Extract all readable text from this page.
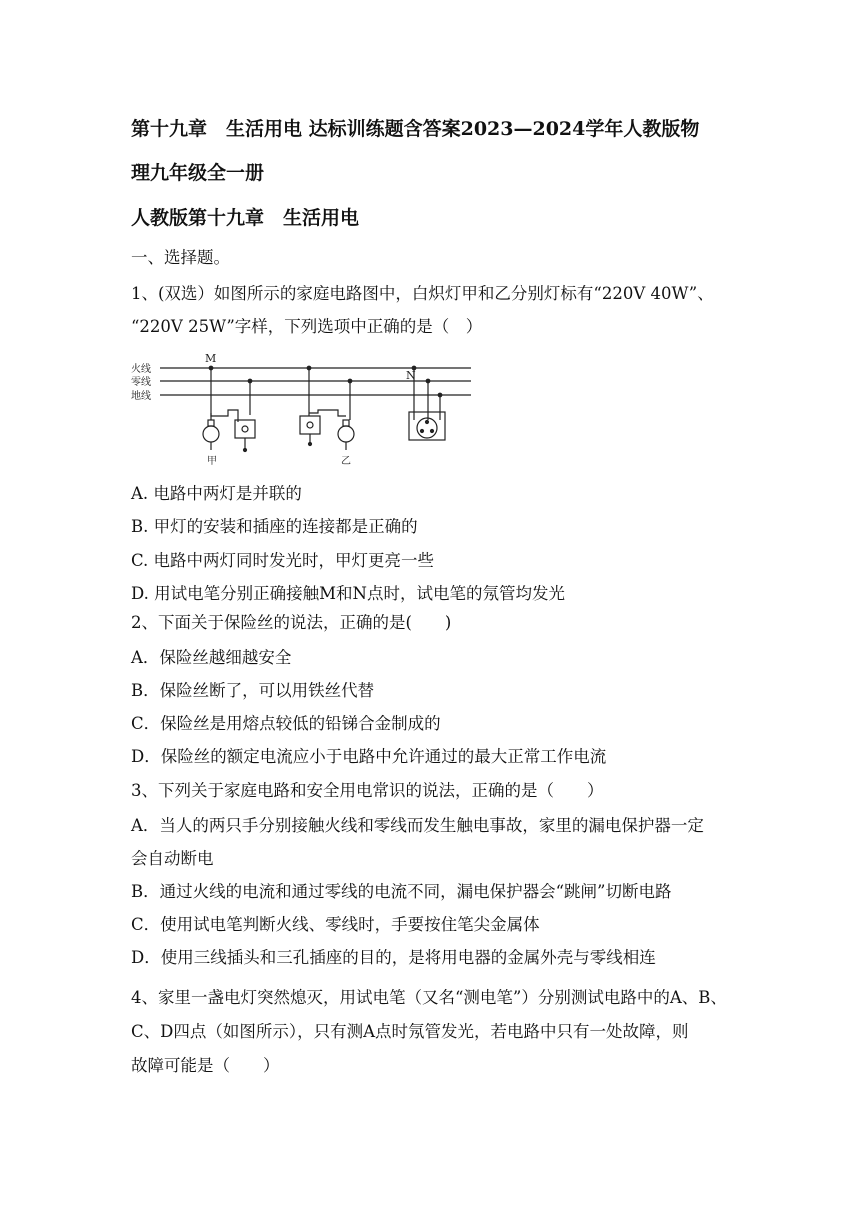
第十九章　生活用电 达标训练题含答案2023—2024学年人教版物
理九年级全一册
人教版第十九章　生活用电
一、选择题。
1、(双选）如图所示的家庭电路图中，白炽灯甲和乙分别灯标有“220V 40W”、
“220V 25W”字样，下列选项中正确的是（　）
火线
零线
地线
M
N
甲	乙
A. 电路中两灯是并联的
B. 甲灯的安装和插座的连接都是正确的
C. 电路中两灯同时发光时，甲灯更亮一些
D. 用试电笔分别正确接触M和N点时，试电笔的氖管均发光
2、下面关于保险丝的说法，正确的是(　　)
A．保险丝越细越安全
B．保险丝断了，可以用铁丝代替
C．保险丝是用熔点较低的铅锑合金制成的
D．保险丝的额定电流应小于电路中允许通过的最大正常工作电流
3、下列关于家庭电路和安全用电常识的说法，正确的是（　　）
A．当人的两只手分别接触火线和零线而发生触电事故，家里的漏电保护器一定
会自动断电
B．通过火线的电流和通过零线的电流不同，漏电保护器会“跳闸”切断电路
C．使用试电笔判断火线、零线时，手要按住笔尖金属体
D．使用三线插头和三孔插座的目的，是将用电器的金属外壳与零线相连
4、家里一盏电灯突然熄灭，用试电笔（又名“测电笔”）分别测试电路中的A、B、
C、D四点（如图所示），只有测A点时氖管发光，若电路中只有一处故障，则
故障可能是（　　）
